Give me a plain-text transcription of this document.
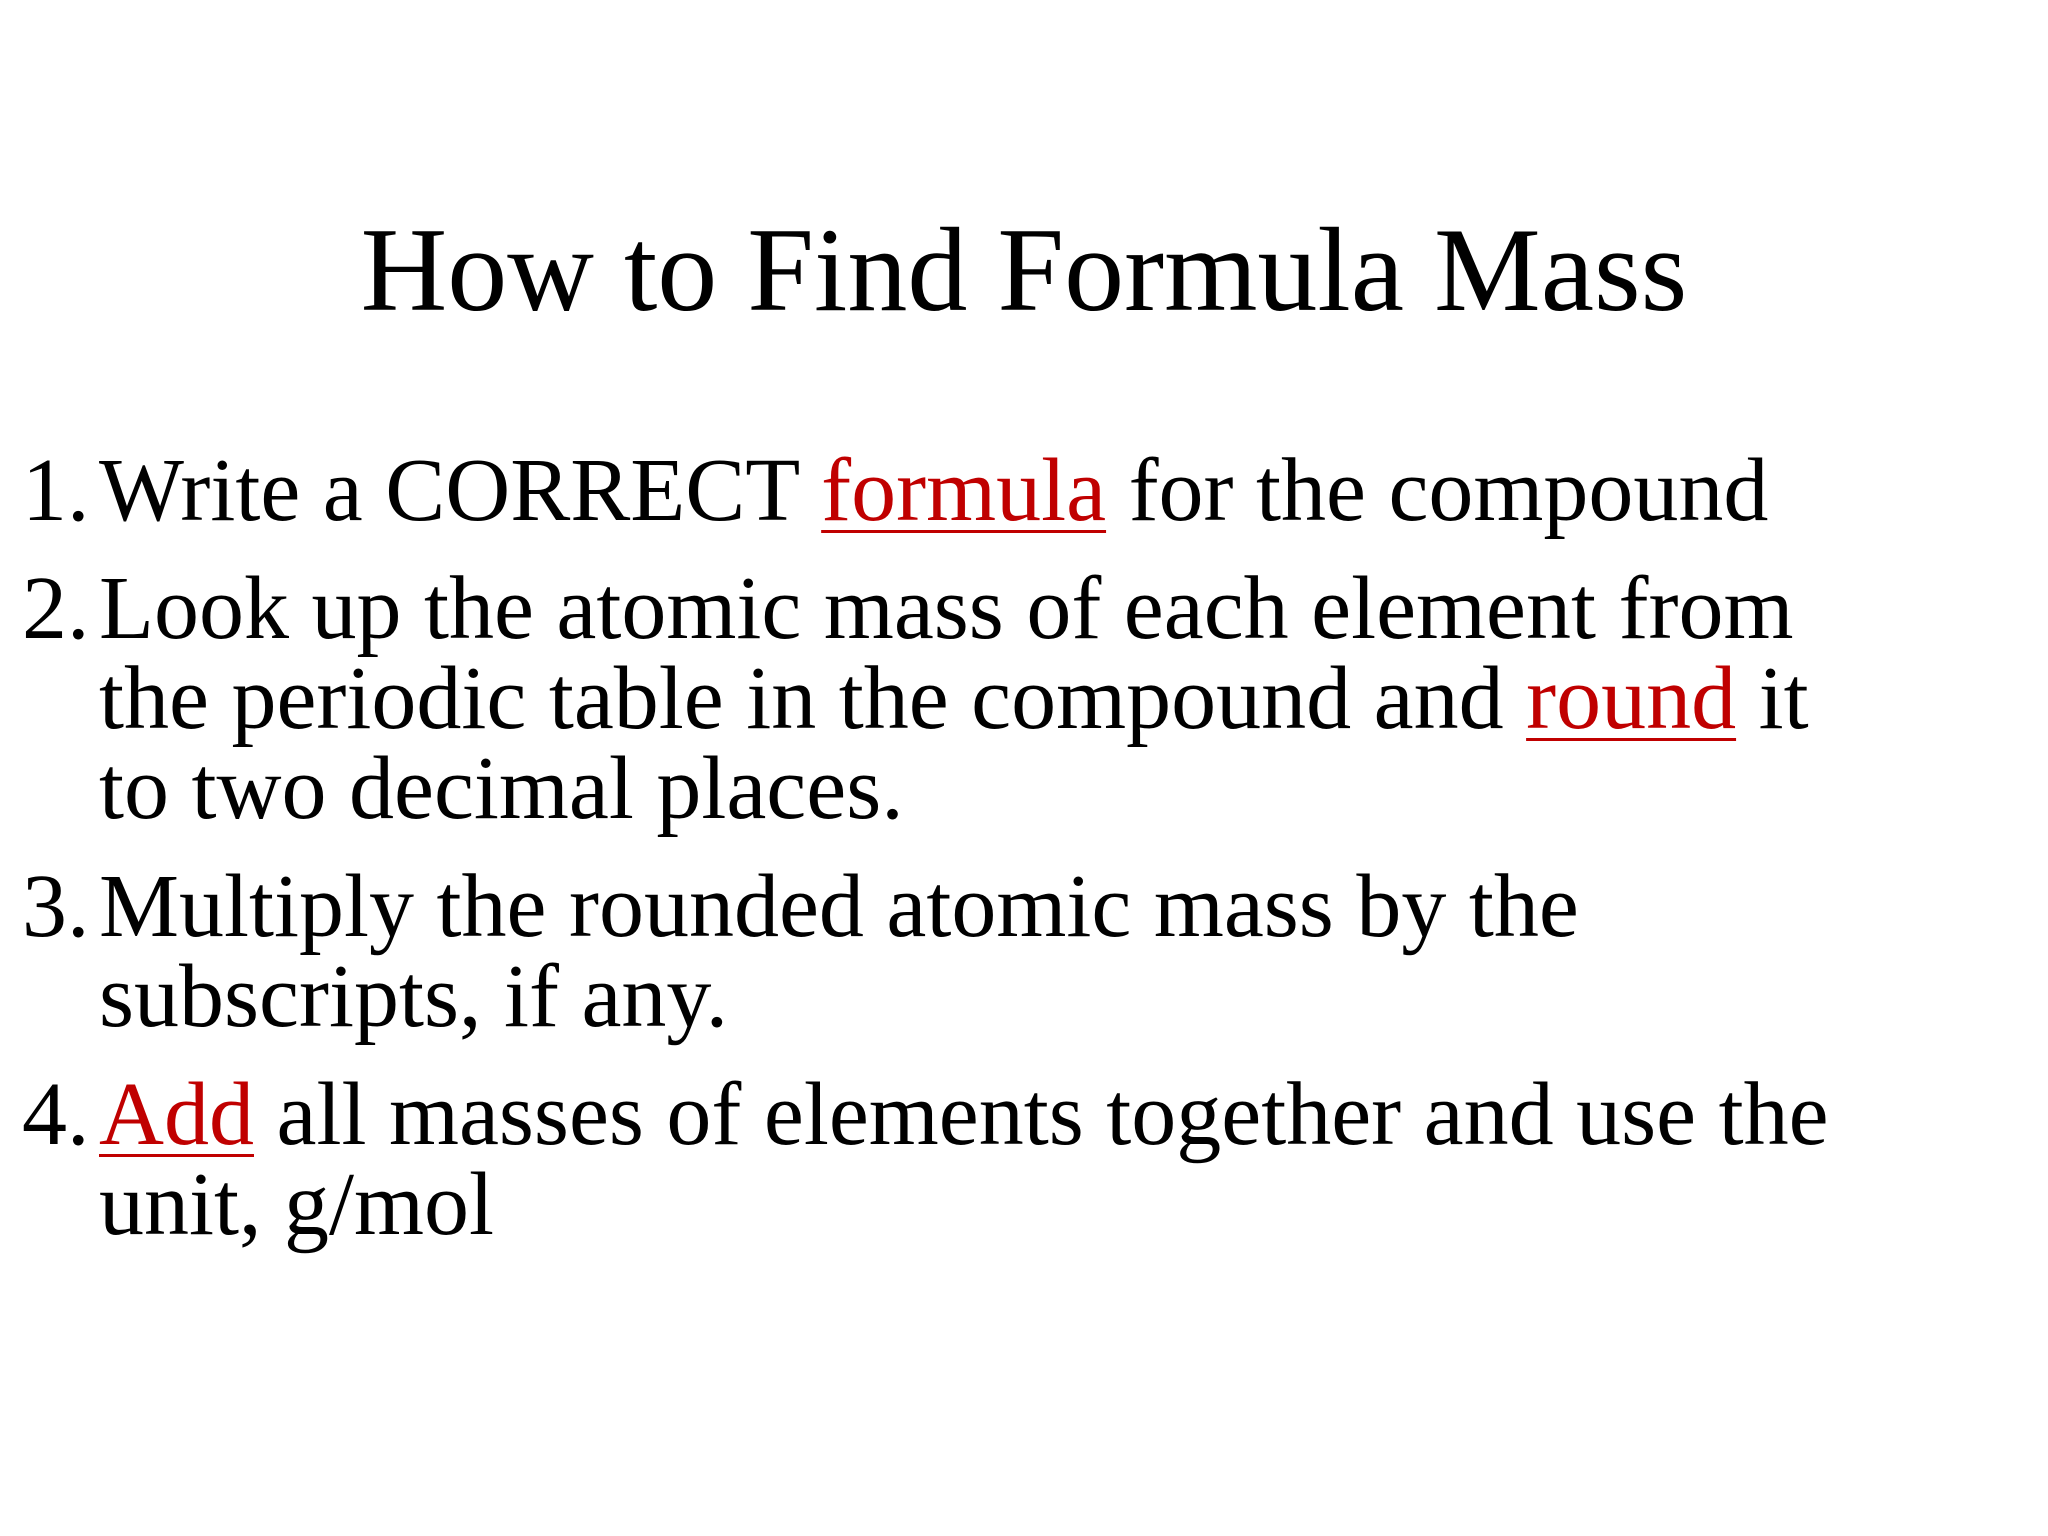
How to Find Formula Mass
1. Write a CORRECT formula for the compound
2. Look up the atomic mass of each element from
the periodic table in the compound and round it
to two decimal places.
3. Multiply the rounded atomic mass by the
subscripts, if any.
4. Add all masses of elements together and use the
unit, g/mol
